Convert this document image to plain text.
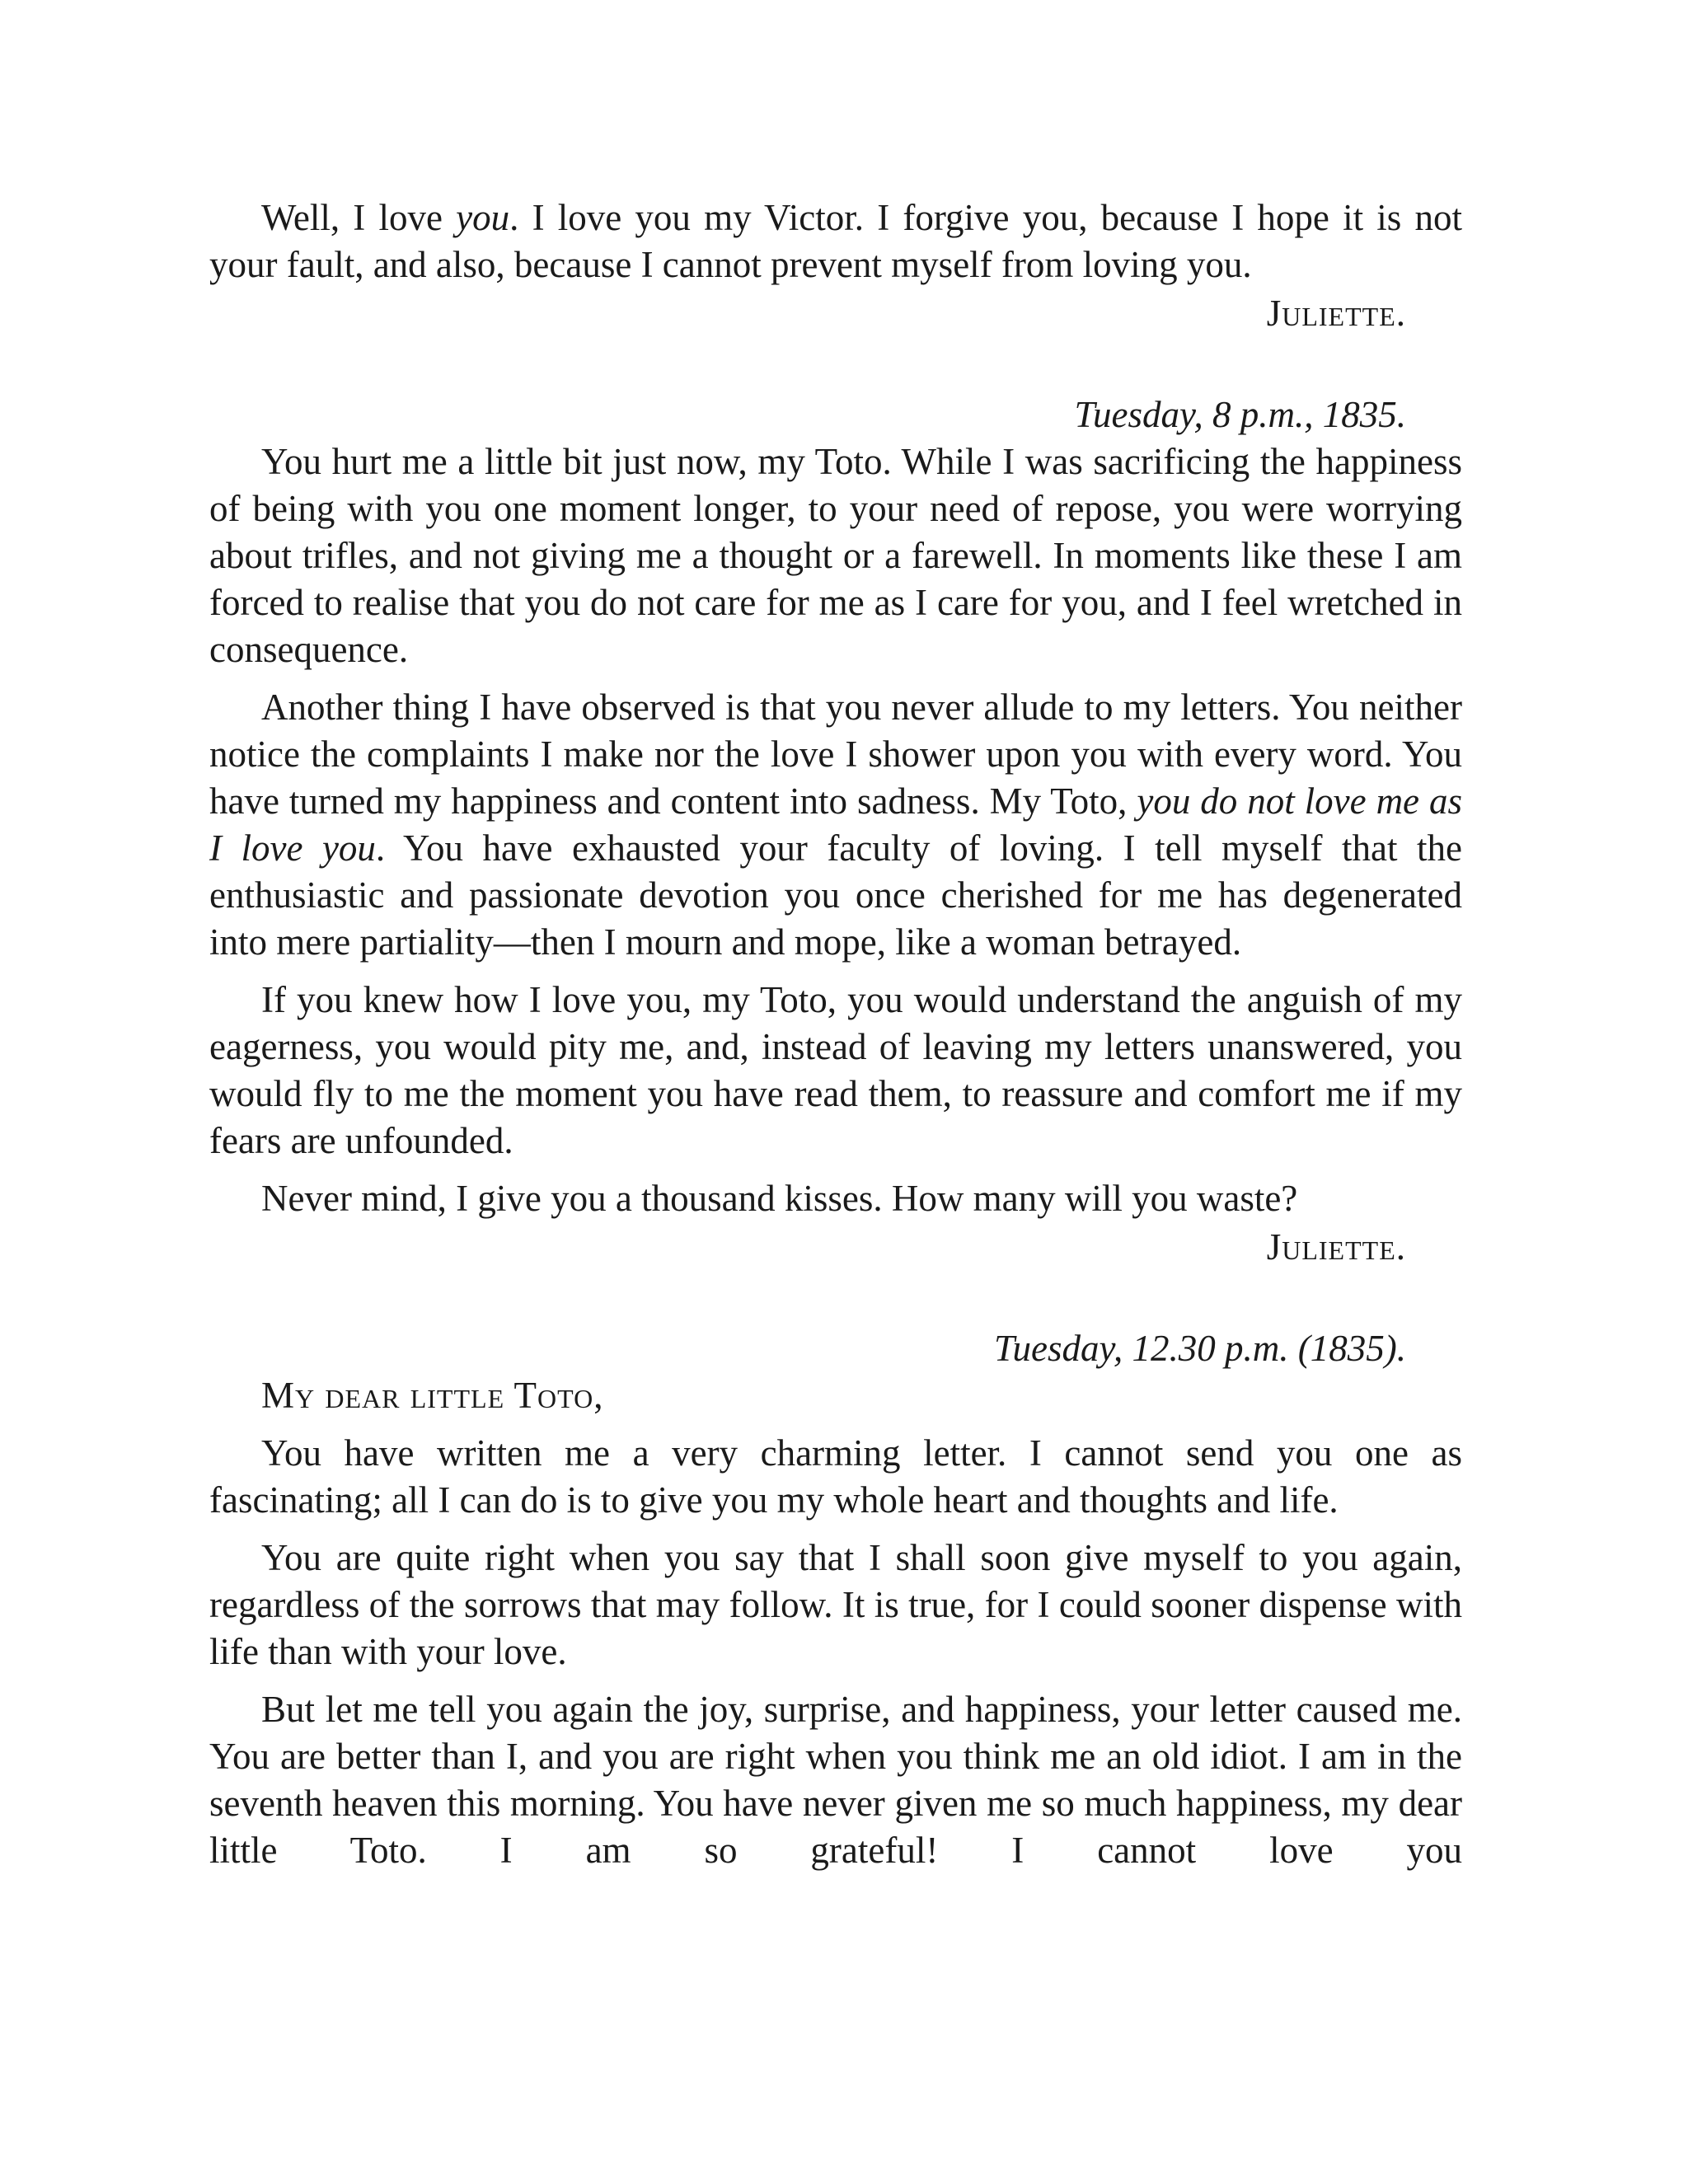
Well, I love you. I love you my Victor. I forgive you, because I hope it is not your fault, and also, because I cannot prevent myself from loving you.

Juliette.

Tuesday, 8 p.m., 1835.

You hurt me a little bit just now, my Toto. While I was sacrificing the happiness of being with you one moment longer, to your need of repose, you were worrying about trifles, and not giving me a thought or a farewell. In moments like these I am forced to realise that you do not care for me as I care for you, and I feel wretched in consequence.

Another thing I have observed is that you never allude to my letters. You neither notice the complaints I make nor the love I shower upon you with every word. You have turned my happiness and content into sadness. My Toto, you do not love me as I love you. You have exhausted your faculty of loving. I tell myself that the enthusiastic and passionate devotion you once cherished for me has degenerated into mere partiality—then I mourn and mope, like a woman betrayed.

If you knew how I love you, my Toto, you would understand the anguish of my eagerness, you would pity me, and, instead of leaving my letters unanswered, you would fly to me the moment you have read them, to reassure and comfort me if my fears are unfounded.

Never mind, I give you a thousand kisses. How many will you waste?

Juliette.

Tuesday, 12.30 p.m. (1835).

My dear little Toto,

You have written me a very charming letter. I cannot send you one as fascinating; all I can do is to give you my whole heart and thoughts and life.

You are quite right when you say that I shall soon give myself to you again, regardless of the sorrows that may follow. It is true, for I could sooner dispense with life than with your love.

But let me tell you again the joy, surprise, and happiness, your letter caused me. You are better than I, and you are right when you think me an old idiot. I am in the seventh heaven this morning. You have never given me so much happiness, my dear little Toto. I am so grateful! I cannot love you
